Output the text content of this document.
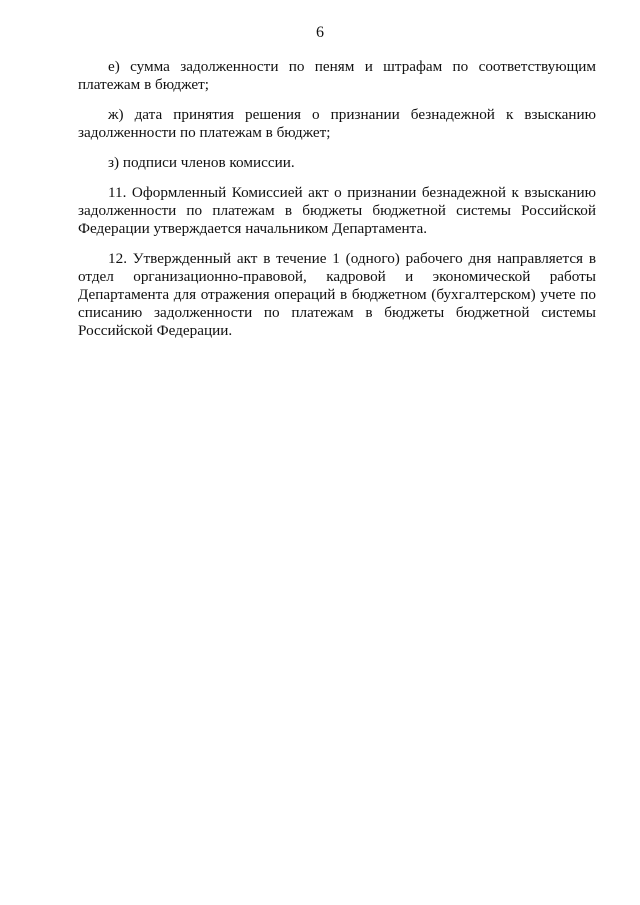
6

е) сумма задолженности по пеням и штрафам по соответствующим платежам в бюджет;

ж) дата принятия решения о признании безнадежной к взысканию задолженности по платежам в бюджет;

з) подписи членов комиссии.

11. Оформленный Комиссией акт о признании безнадежной к взысканию задолженности по платежам в бюджеты бюджетной системы Российской Федерации утверждается начальником Департамента.

12. Утвержденный акт в течение 1 (одного) рабочего дня направляется в отдел организационно-правовой, кадровой и экономической работы Департамента для отражения операций в бюджетном (бухгалтерском) учете по списанию задолженности по платежам в бюджеты бюджетной системы Российской Федерации.
